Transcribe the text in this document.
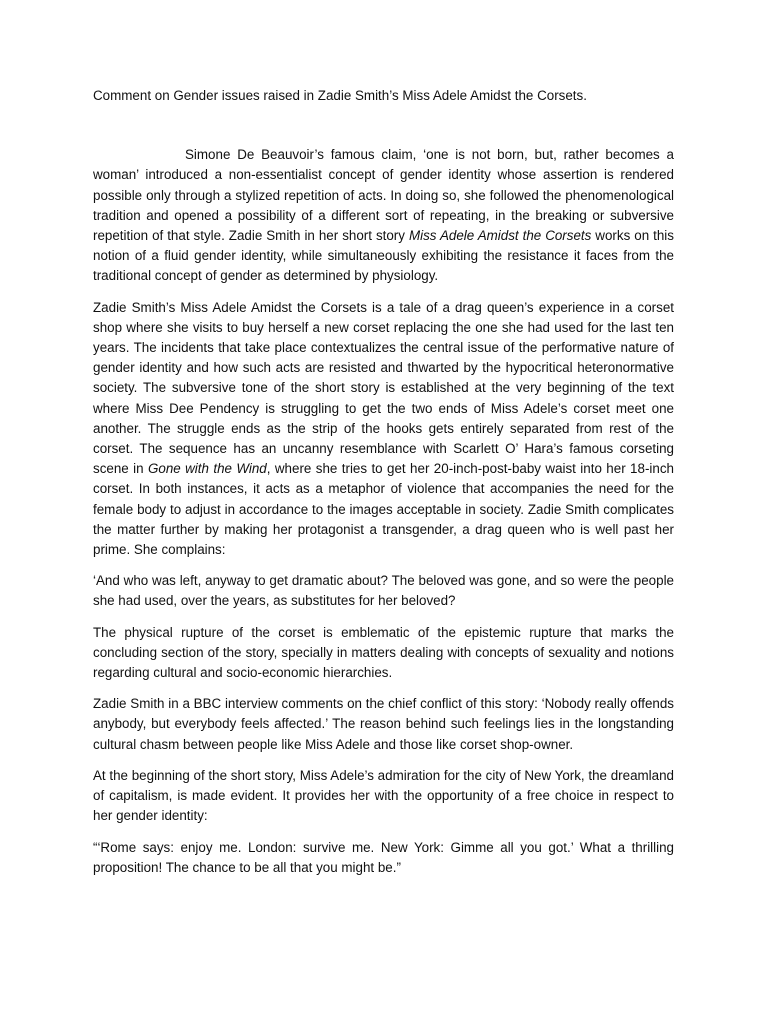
Comment on Gender issues raised in Zadie Smith’s Miss Adele Amidst the Corsets.

Simone De Beauvoir’s famous claim, ‘one is not born, but, rather becomes a woman’ introduced a non-essentialist concept of gender identity whose assertion is rendered possible only through a stylized repetition of acts. In doing so, she followed the phenomenological tradition and opened a possibility of a different sort of repeating, in the breaking or subversive repetition of that style. Zadie Smith in her short story Miss Adele Amidst the Corsets works on this notion of a fluid gender identity, while simultaneously exhibiting the resistance it faces from the traditional concept of gender as determined by physiology.

Zadie Smith’s Miss Adele Amidst the Corsets is a tale of a drag queen’s experience in a corset shop where she visits to buy herself a new corset replacing the one she had used for the last ten years. The incidents that take place contextualizes the central issue of the performative nature of gender identity and how such acts are resisted and thwarted by the hypocritical heteronormative society. The subversive tone of the short story is established at the very beginning of the text where Miss Dee Pendency is struggling to get the two ends of Miss Adele’s corset meet one another. The struggle ends as the strip of the hooks gets entirely separated from rest of the corset. The sequence has an uncanny resemblance with Scarlett O’ Hara’s famous corseting scene in Gone with the Wind, where she tries to get her 20-inch-post-baby waist into her 18-inch corset. In both instances, it acts as a metaphor of violence that accompanies the need for the female body to adjust in accordance to the images acceptable in society. Zadie Smith complicates the matter further by making her protagonist a transgender, a drag queen who is well past her prime. She complains:

‘And who was left, anyway to get dramatic about? The beloved was gone, and so were the people she had used, over the years, as substitutes for her beloved?

The physical rupture of the corset is emblematic of the epistemic rupture that marks the concluding section of the story, specially in matters dealing with concepts of sexuality and notions regarding cultural and socio-economic hierarchies.

Zadie Smith in a BBC interview comments on the chief conflict of this story: ‘Nobody really offends anybody, but everybody feels affected.’ The reason behind such feelings lies in the longstanding cultural chasm between people like Miss Adele and those like corset shop-owner.

At the beginning of the short story, Miss Adele’s admiration for the city of New York, the dreamland of capitalism, is made evident. It provides her with the opportunity of a free choice in respect to her gender identity:

“‘Rome says: enjoy me. London: survive me. New York: Gimme all you got.’ What a thrilling proposition! The chance to be all that you might be.”
